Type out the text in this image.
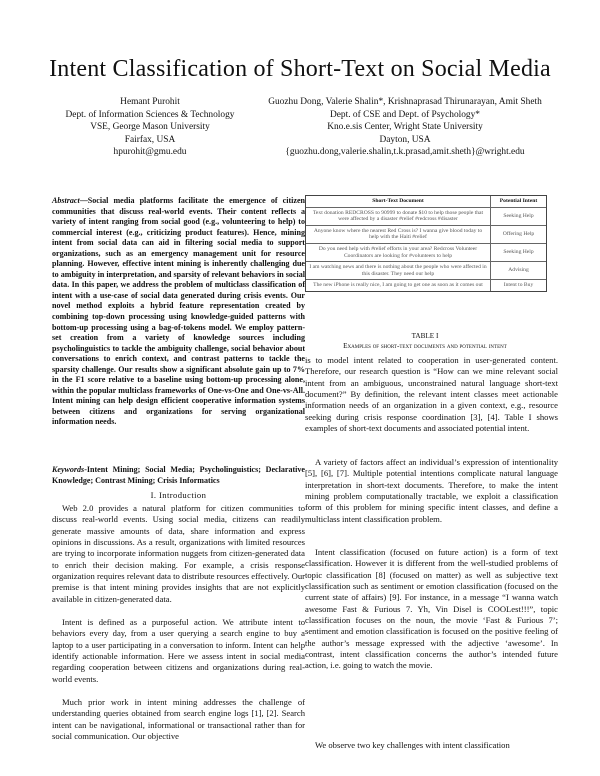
Intent Classification of Short-Text on Social Media
Hemant Purohit
Dept. of Information Sciences & Technology
VSE, George Mason University
Fairfax, USA
hpurohit@gmu.edu
Guozhu Dong, Valerie Shalin*, Krishnaprasad Thirunarayan, Amit Sheth
Dept. of CSE and Dept. of Psychology*
Kno.e.sis Center, Wright State University
Dayton, USA
{guozhu.dong,valerie.shalin,t.k.prasad,amit.sheth}@wright.edu
Abstract—Social media platforms facilitate the emergence of citizen communities that discuss real-world events. Their content reflects a variety of intent ranging from social good (e.g., volunteering to help) to commercial interest (e.g., criticizing product features). Hence, mining intent from social data can aid in filtering social media to support organizations, such as an emergency management unit for resource planning. However, effective intent mining is inherently challenging due to ambiguity in interpretation, and sparsity of relevant behaviors in social data. In this paper, we address the problem of multiclass classification of intent with a use-case of social data generated during crisis events. Our novel method exploits a hybrid feature representation created by combining top-down processing using knowledge-guided patterns with bottom-up processing using a bag-of-tokens model. We employ pattern-set creation from a variety of knowledge sources including psycholinguistics to tackle the ambiguity challenge, social behavior about conversations to enrich context, and contrast patterns to tackle the sparsity challenge. Our results show a significant absolute gain up to 7% in the F1 score relative to a baseline using bottom-up processing alone, within the popular multiclass frameworks of One-vs-One and One-vs-All. Intent mining can help design efficient cooperative information systems between citizens and organizations for serving organizational information needs.
Keywords-Intent Mining; Social Media; Psycholinguistics; Declarative Knowledge; Contrast Mining; Crisis Informatics
I. Introduction
Web 2.0 provides a natural platform for citizen communities to discuss real-world events. Using social media, citizens can readily generate massive amounts of data, share information and express opinions in discussions. As a result, organizations with limited resources are trying to incorporate information nuggets from citizen-generated data to enrich their decision making. For example, a crisis response organization requires relevant data to distribute resources effectively. Our premise is that intent mining provides insights that are not explicitly available in citizen-generated data.
Intent is defined as a purposeful action. We attribute intent to behaviors every day, from a user querying a search engine to buy a laptop to a user participating in a conversation to inform. Intent can help identify actionable information. Here we assess intent in social media regarding cooperation between citizens and organizations during real-world events.
Much prior work in intent mining addresses the challenge of understanding queries obtained from search engine logs [1], [2]. Search intent can be navigational, informational or transactional rather than for social communication. Our objective
Short-Text Document	Potential Intent
Text donation REDCROSS to 90999 to donate $10 to help those people that were affected by a disaster #relief #redcross #disaster
Seeking Help
Anyone know where the nearest Red Cross is? I wanna give blood today to help with the Haiti #relief
Offering Help
Do you need help with #relief efforts in your area? Redcross Volunteer Coordinators are looking for #volunteers to help
Seeking Help
I am watching news and there is nothing about the people who were affected in this disaster. They need our help
Advising
The new iPhone is really nice, I am going to get one as soon as it comes out	Intent to Buy
TABLE I
Examples of short-text documents and potential intent
is to model intent related to cooperation in user-generated content. Therefore, our research question is “How can we mine relevant social intent from an ambiguous, unconstrained natural language short-text document?” By definition, the relevant intent classes meet actionable information needs of an organization in a given context, e.g., resource seeking during crisis response coordination [3], [4]. Table I shows examples of short-text documents and associated potential intent.
A variety of factors affect an individual’s expression of intentionality [5], [6], [7]. Multiple potential intentions complicate natural language interpretation in short-text documents. Therefore, to make the intent mining problem computationally tractable, we exploit a classification form of this problem for mining specific intent classes, and define a multiclass intent classification problem.
Intent classification (focused on future action) is a form of text classification. However it is different from the well-studied problems of topic classification [8] (focused on matter) as well as subjective text classification such as sentiment or emotion classification (focused on the current state of affairs) [9]. For instance, in a message “I wanna watch awesome Fast & Furious 7. Yh, Vin Disel is COOLest!!!”, topic classification focuses on the noun, the movie ‘Fast & Furious 7’; sentiment and emotion classification is focused on the positive feeling of the author’s message expressed with the adjective ‘awesome’. In contrast, intent classification concerns the author’s intended future action, i.e. going to watch the movie.
We observe two key challenges with intent classification
